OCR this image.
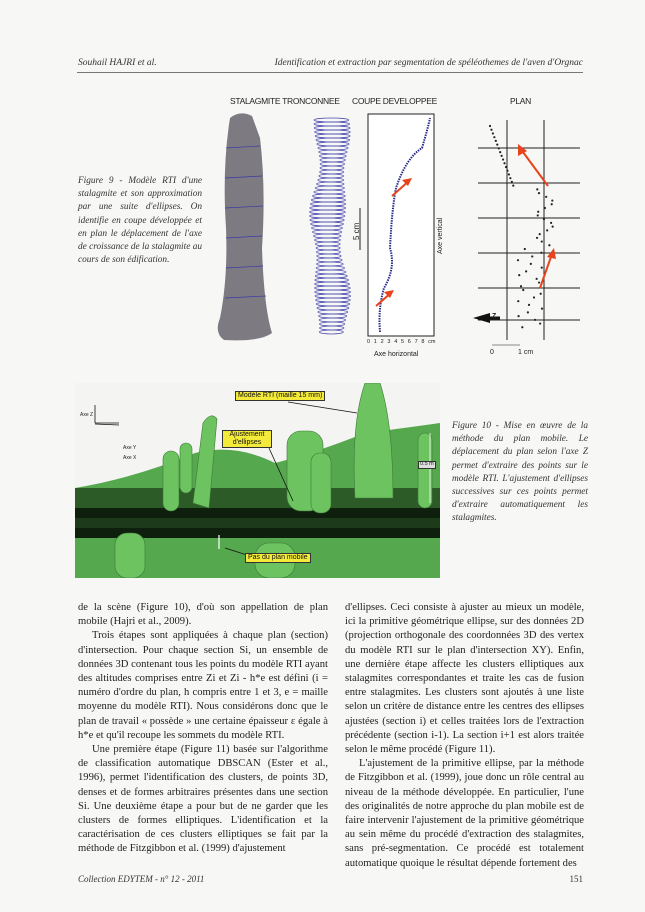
Souhail HAJRI et al.	Identification et extraction par segmentation de spéléothemes de l'aven d'Orgnac
STALAGMITE TRONCONNEE COUPE DEVELOPPEE	PLAN
5 cm	Axe vertical
0 1 2 3 4 5 6 7 8 cm
Axe horizontal	0	1 cm
Z
Figure 9 - Modèle RTI d'une stalagmite et son approximation par une suite d'ellipses. On identifie en coupe développée et en plan le déplacement de l'axe de croissance de la stalagmite au cours de son édification.
Modèle RTI (maille 15 mm)
Ajustement d'ellipses
Pas du plan mobile
Axe Z
Axe Y
Axe X
0.5 m
Figure 10 - Mise en œuvre de la méthode du plan mobile. Le déplacement du plan selon l'axe Z permet d'extraire des points sur le modèle RTI. L'ajustement d'ellipses successives sur ces points permet d'extraire automatiquement les stalagmites.

de la scène (Figure 10), d'où son appellation de plan mobile (Hajri et al., 2009).

Trois étapes sont appliquées à chaque plan (section) d'intersection. Pour chaque section Si, un ensemble de données 3D contenant tous les points du modèle RTI ayant des altitudes comprises entre Zi et Zi - h*e est défini (i = numéro d'ordre du plan, h compris entre 1 et 3, e = maille moyenne du modèle RTI). Nous considérons donc que le plan de travail « possède » une certaine épaisseur ε égale à h*e et qu'il recoupe les sommets du modèle RTI.

Une première étape (Figure 11) basée sur l'algorithme de classification automatique DBSCAN (Ester et al., 1996), permet l'identification des clusters, de points 3D, denses et de formes arbitraires présentes dans une section Si. Une deuxième étape a pour but de ne garder que les clusters de formes elliptiques. L'identification et la caractérisation de ces clusters elliptiques se fait par la méthode de Fitzgibbon et al. (1999) d'ajustement

d'ellipses. Ceci consiste à ajuster au mieux un modèle, ici la primitive géométrique ellipse, sur des données 2D (projection orthogonale des coordonnées 3D des vertex du modèle RTI sur le plan d'intersection XY). Enfin, une dernière étape affecte les clusters elliptiques aux stalagmites correspondantes et traite les cas de fusion entre stalagmites. Les clusters sont ajoutés à une liste selon un critère de distance entre les centres des ellipses ajustées (section i) et celles traitées lors de l'extraction précédente (section i-1). La section i+1 est alors traitée selon le même procédé (Figure 11).

L'ajustement de la primitive ellipse, par la méthode de Fitzgibbon et al. (1999), joue donc un rôle central au niveau de la méthode développée. En particulier, l'une des originalités de notre approche du plan mobile est de faire intervenir l'ajustement de la primitive géométrique au sein même du procédé d'extraction des stalagmites, sans pré-segmentation. Ce procédé est totalement automatique quoique le résultat dépende fortement des

Collection EDYTEM - n° 12 - 2011	151
